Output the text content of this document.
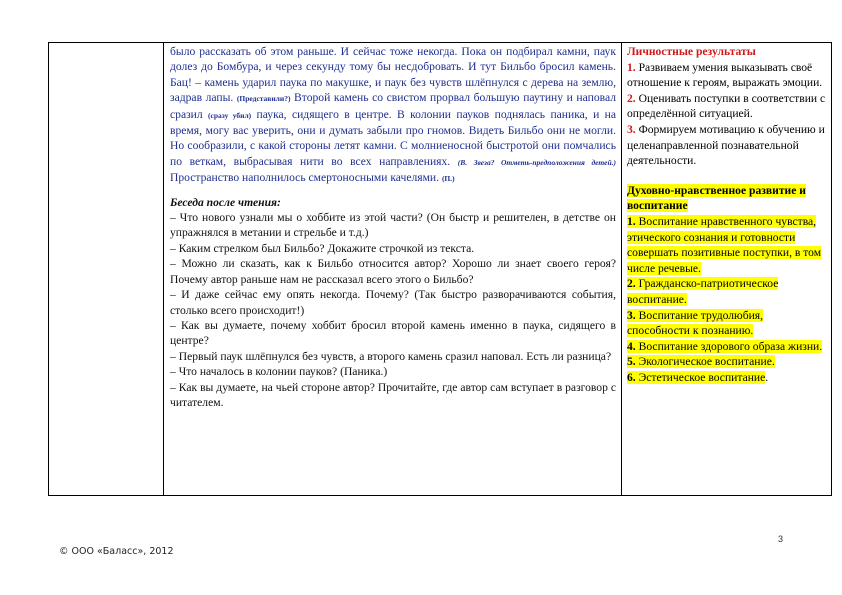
было рассказать об этом раньше. И сейчас тоже некогда. Пока он подбирал камни, паук долез до Бомбура, и через секунду тому бы несдобровать. И тут Бильбо бросил камень. Бац! – камень ударил паука по макушке, и паук без чувств шлёпнулся с дерева на землю, задрав лапы. (Представили?) Второй камень со свистом прорвал большую паутину и наповал сразил (сразу убил) паука, сидящего в центре. В колонии пауков поднялась паника, и на время, могу вас уверить, они и думать забыли про гномов. Видеть Бильбо они не могли. Но сообразили, с какой стороны летят камни. С молниеносной быстротой они помчались по веткам, выбрасывая нити во всех направлениях. (В. Звеза? Отметь-предположения детей.) Пространство наполнилось смертоносными качелями. (П.)
Беседа после чтения:
– Что нового узнали мы о хоббите из этой части? (Он быстр и решителен, в детстве он упражнялся в метании и стрельбе и т.д.)
– Каким стрелком был Бильбо? Докажите строчкой из текста.
– Можно ли сказать, как к Бильбо относится автор? Хорошо ли знает своего героя? Почему автор раньше нам не рассказал всего этого о Бильбо?
– И даже сейчас ему опять некогда. Почему? (Так быстро разворачиваются события, столько всего происходит!)
– Как вы думаете, почему хоббит бросил второй камень именно в паука, сидящего в центре?
– Первый паук шлёпнулся без чувств, а второго камень сразил наповал. Есть ли разница?
– Что началось в колонии пауков? (Паника.)
– Как вы думаете, на чьей стороне автор? Прочитайте, где автор сам вступает в разговор с читателем.

Личностные результаты
1. Развиваем умения выказывать своё отношение к героям, выражать эмоции.
2. Оценивать поступки в соответствии с определённой ситуацией.
3. Формируем мотивацию к обучению и целенаправленной познавательной деятельности.
Духовно-нравственное развитие и воспитание
1. Воспитание нравственного чувства, этического сознания и готовности совершать позитивные поступки, в том числе речевые.
2. Гражданско-патриотическое воспитание.
3. Воспитание трудолюбия, способности к познанию.
4. Воспитание здорового образа жизни.
5. Экологическое воспитание.
6. Эстетическое воспитание.
3
© ООО «Баласс», 2012
